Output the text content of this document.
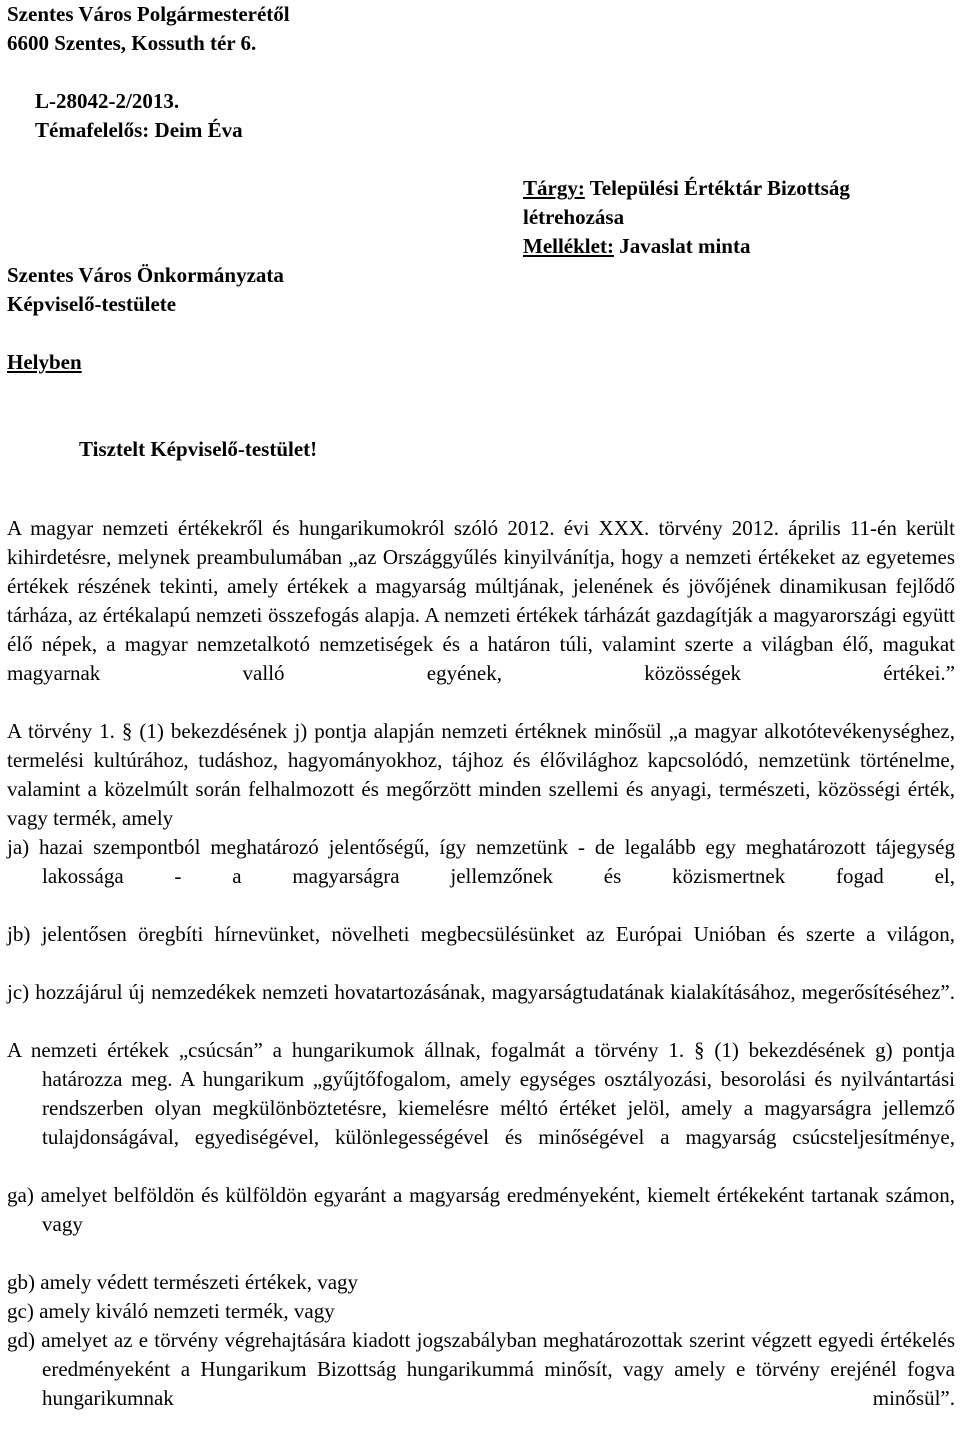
Szentes Város Polgármesterétől
6600 Szentes, Kossuth tér 6.
L-28042-2/2013.
Témafelelős: Deim Éva
Tárgy: Települési Értéktár Bizottság
létrehozása
Melléklet: Javaslat minta
Szentes Város Önkormányzata
Képviselő-testülete
Helyben
Tisztelt Képviselő-testület!

A magyar nemzeti értékekről és hungarikumokról szóló 2012. évi XXX. törvény 2012. április 11-én került kihirdetésre, melynek preambulumában „az Országgyűlés kinyilvánítja, hogy a nemzeti értékeket az egyetemes értékek részének tekinti, amely értékek a magyarság múltjának, jelenének és jövőjének dinamikusan fejlődő tárháza, az értékalapú nemzeti összefogás alapja. A nemzeti értékek tárházát gazdagítják a magyarországi együtt élő népek, a magyar nemzetalkotó nemzetiségek és a határon túli, valamint szerte a világban élő, magukat magyarnak valló egyének, közösségek értékei.”

A törvény 1. § (1) bekezdésének j) pontja alapján nemzeti értéknek minősül „a magyar alkotótevékenységhez, termelési kultúrához, tudáshoz, hagyományokhoz, tájhoz és élővilághoz kapcsolódó, nemzetünk történelme, valamint a közelmúlt során felhalmozott és megőrzött minden szellemi és anyagi, természeti, közösségi érték, vagy termék, amely

ja) hazai szempontból meghatározó jelentőségű, így nemzetünk - de legalább egy meghatározott tájegység lakossága - a magyarságra jellemzőnek és közismertnek fogad el,

jb) jelentősen öregbíti hírnevünket, növelheti megbecsülésünket az Európai Unióban és szerte a világon,

jc) hozzájárul új nemzedékek nemzeti hovatartozásának, magyarságtudatának kialakításához, megerősítéséhez”.

A nemzeti értékek „csúcsán” a hungarikumok állnak, fogalmát a törvény 1. § (1) bekezdésének g) pontja határozza meg. A hungarikum „gyűjtőfogalom, amely egységes osztályozási, besorolási és nyilvántartási rendszerben olyan megkülönböztetésre, kiemelésre méltó értéket jelöl, amely a magyarságra jellemző tulajdonságával, egyediségével, különlegességével és minőségével a magyarság csúcsteljesítménye,

ga) amelyet belföldön és külföldön egyaránt a magyarság eredményeként, kiemelt értékeként tartanak számon, vagy

gb) amely védett természeti értékek, vagy

gc) amely kiváló nemzeti termék, vagy

gd) amelyet az e törvény végrehajtására kiadott jogszabályban meghatározottak szerint végzett egyedi értékelés eredményeként a Hungarikum Bizottság hungarikummá minősít, vagy amely e törvény erejénél fogva hungarikumnak minősül”.
